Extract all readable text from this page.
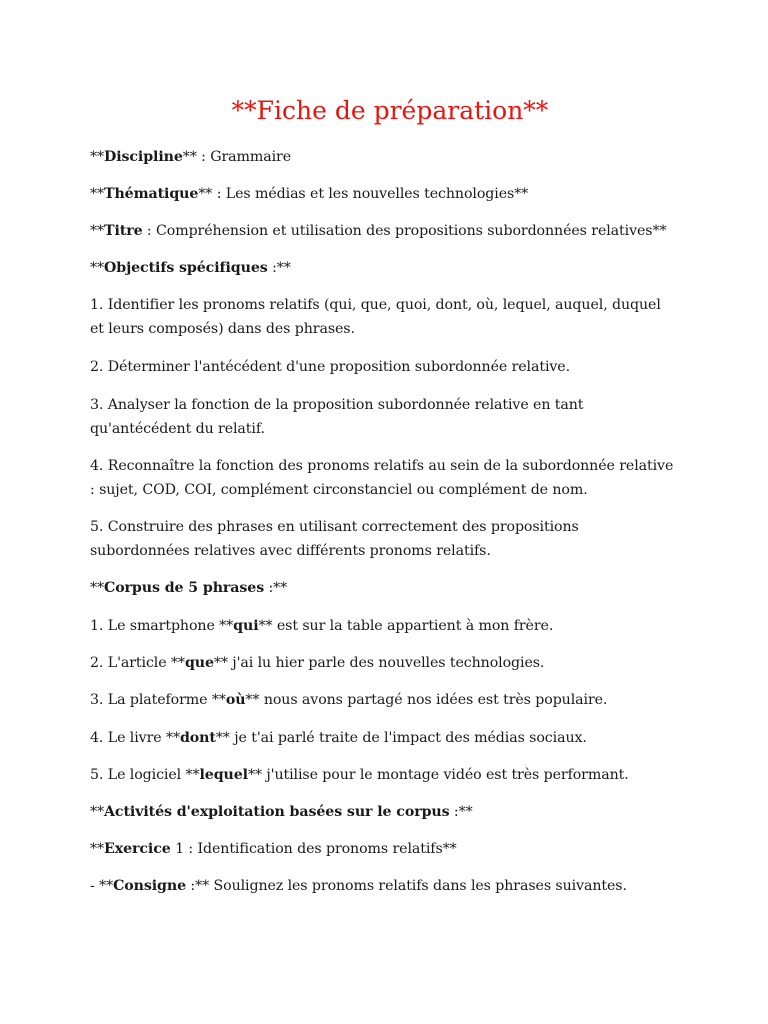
**Fiche de préparation**

**Discipline** : Grammaire

**Thématique** : Les médias et les nouvelles technologies**

**Titre : Compréhension et utilisation des propositions subordonnées relatives**

**Objectifs spécifiques :**

1. Identifier les pronoms relatifs (qui, que, quoi, dont, où, lequel, auquel, duquel
et leurs composés) dans des phrases.

2. Déterminer l'antécédent d'une proposition subordonnée relative.

3. Analyser la fonction de la proposition subordonnée relative en tant
qu'antécédent du relatif.

4. Reconnaître la fonction des pronoms relatifs au sein de la subordonnée relative
: sujet, COD, COI, complément circonstanciel ou complément de nom.

5. Construire des phrases en utilisant correctement des propositions
subordonnées relatives avec différents pronoms relatifs.

**Corpus de 5 phrases :**

1. Le smartphone **qui** est sur la table appartient à mon frère.

2. L'article **que** j'ai lu hier parle des nouvelles technologies.

3. La plateforme **où** nous avons partagé nos idées est très populaire.

4. Le livre **dont** je t'ai parlé traite de l'impact des médias sociaux.

5. Le logiciel **lequel** j'utilise pour le montage vidéo est très performant.

**Activités d'exploitation basées sur le corpus :**

**Exercice 1 : Identification des pronoms relatifs**

- **Consigne :** Soulignez les pronoms relatifs dans les phrases suivantes.
